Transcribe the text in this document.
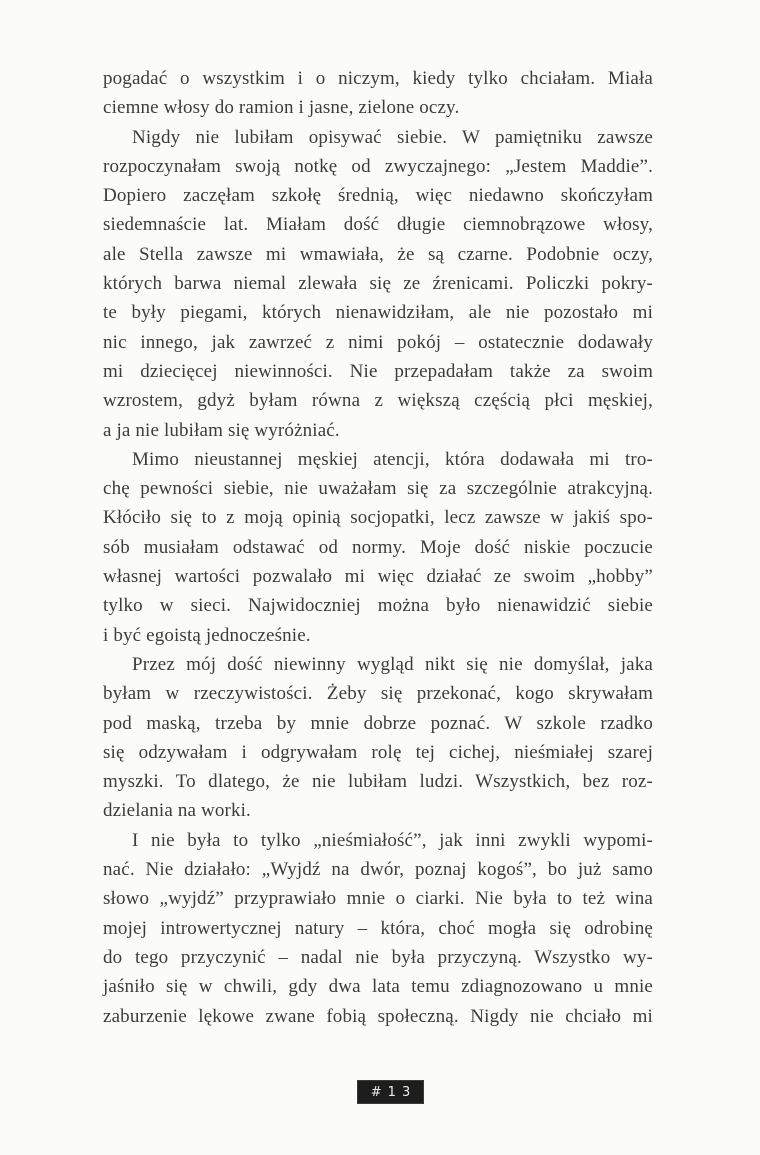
pogadać o wszystkim i o niczym, kiedy tylko chciałam. Miała
ciemne włosy do ramion i jasne, zielone oczy.
Nigdy nie lubiłam opisywać siebie. W pamiętniku zawsze
rozpoczynałam swoją notkę od zwyczajnego: „Jestem Maddie”.
Dopiero zaczęłam szkołę średnią, więc niedawno skończyłam
siedemnaście lat. Miałam dość długie ciemnobrązowe włosy,
ale Stella zawsze mi wmawiała, że są czarne. Podobnie oczy,
których barwa niemal zlewała się ze źrenicami. Policzki pokry-
te były piegami, których nienawidziłam, ale nie pozostało mi
nic innego, jak zawrzeć z nimi pokój – ostatecznie dodawały
mi dziecięcej niewinności. Nie przepadałam także za swoim
wzrostem, gdyż byłam równa z większą częścią płci męskiej,
a ja nie lubiłam się wyróżniać.
Mimo nieustannej męskiej atencji, która dodawała mi tro-
chę pewności siebie, nie uważałam się za szczególnie atrakcyjną.
Kłóciło się to z moją opinią socjopatki, lecz zawsze w jakiś spo-
sób musiałam odstawać od normy. Moje dość niskie poczucie
własnej wartości pozwalało mi więc działać ze swoim „hobby”
tylko w sieci. Najwidoczniej można było nienawidzić siebie
i być egoistą jednocześnie.
Przez mój dość niewinny wygląd nikt się nie domyślał, jaka
byłam w rzeczywistości. Żeby się przekonać, kogo skrywałam
pod maską, trzeba by mnie dobrze poznać. W szkole rzadko
się odzywałam i odgrywałam rolę tej cichej, nieśmiałej szarej
myszki. To dlatego, że nie lubiłam ludzi. Wszystkich, bez roz-
dzielania na worki.
I nie była to tylko „nieśmiałość”, jak inni zwykli wypomi-
nać. Nie działało: „Wyjdź na dwór, poznaj kogoś”, bo już samo
słowo „wyjdź” przyprawiało mnie o ciarki. Nie była to też wina
mojej introwertycznej natury – która, choć mogła się odrobinę
do tego przyczynić – nadal nie była przyczyną. Wszystko wy-
jaśniło się w chwili, gdy dwa lata temu zdiagnozowano u mnie
zaburzenie lękowe zwane fobią społeczną. Nigdy nie chciało mi
#13
